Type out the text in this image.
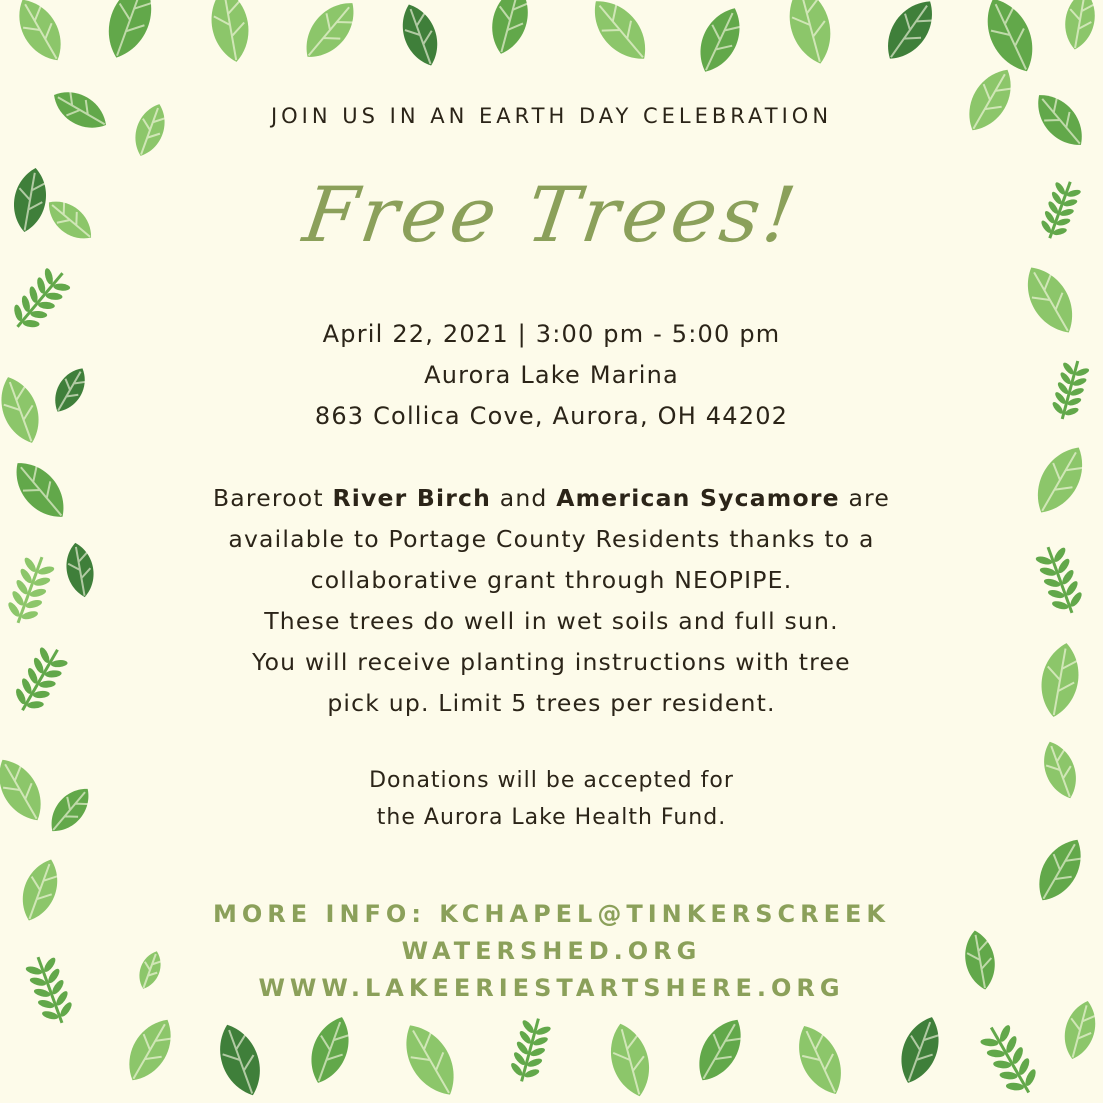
JOIN US IN AN EARTH DAY CELEBRATION
Free Trees!
April 22, 2021 | 3:00 pm - 5:00 pm
Aurora Lake Marina
863 Collica Cove, Aurora, OH 44202
Bareroot River Birch and American Sycamore are
available to Portage County Residents thanks to a
collaborative grant through NEOPIPE.
These trees do well in wet soils and full sun.
You will receive planting instructions with tree
pick up. Limit 5 trees per resident.
Donations will be accepted for
the Aurora Lake Health Fund.
MORE INFO: KCHAPEL@TINKERSCREEK
WATERSHED.ORG
WWW.LAKEERIESTARTSHERE.ORG
